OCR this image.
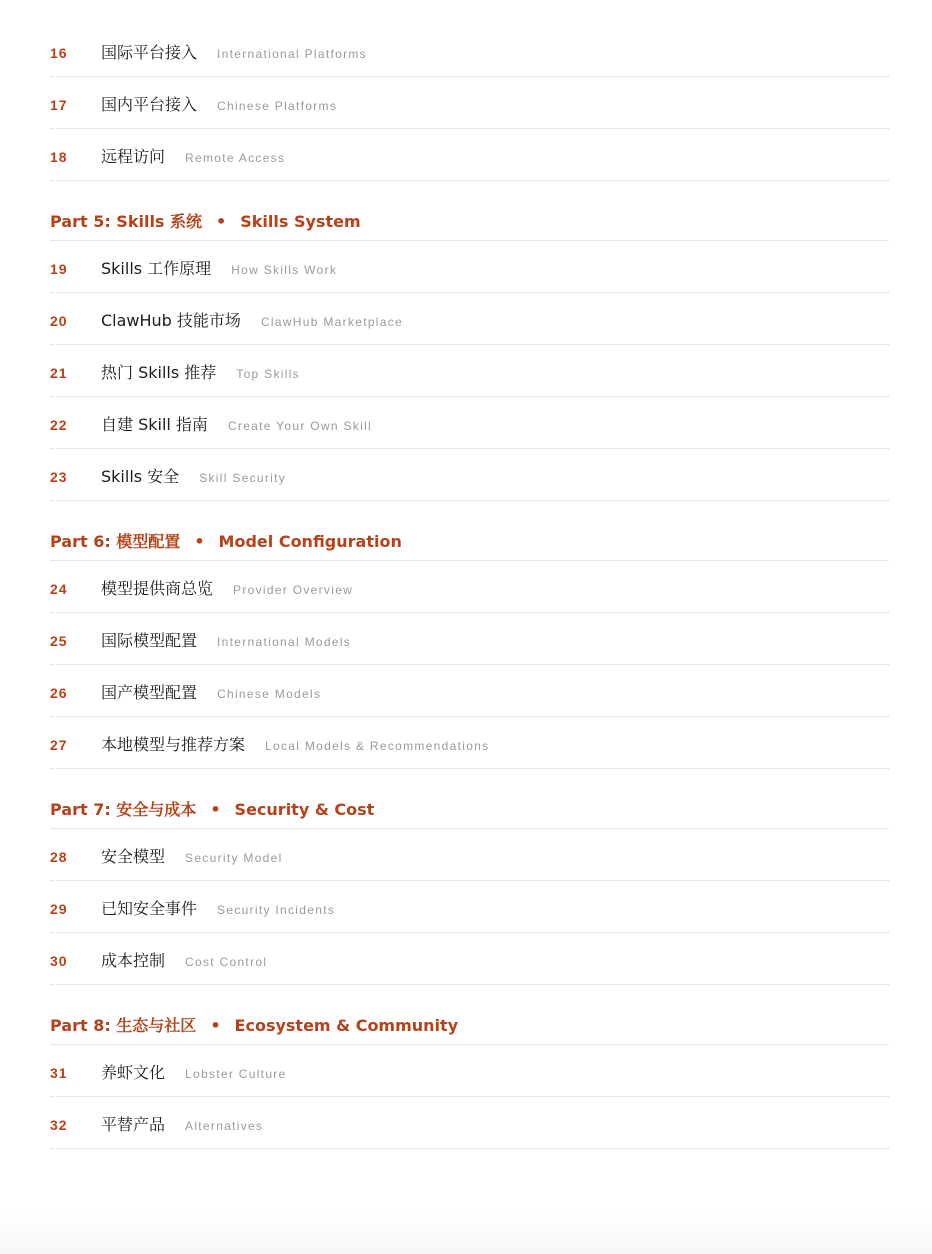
16	国际平台接入 International Platforms
17	国内平台接入 Chinese Platforms
18	远程访问 Remote Access
Part 5: Skills 系统 • Skills System
19	Skills 工作原理 How Skills Work
20	ClawHub 技能市场 ClawHub Marketplace
21	热门 Skills 推荐 Top Skills
22	自建 Skill 指南 Create Your Own Skill
23	Skills 安全 Skill Security
Part 6: 模型配置 • Model Configuration
24	模型提供商总览 Provider Overview
25	国际模型配置 International Models
26	国产模型配置 Chinese Models
27	本地模型与推荐方案 Local Models & Recommendations
Part 7: 安全与成本 • Security & Cost
28	安全模型 Security Model
29	已知安全事件 Security Incidents
30	成本控制 Cost Control
Part 8: 生态与社区 • Ecosystem & Community
31	养虾文化 Lobster Culture
32	平替产品 Alternatives
